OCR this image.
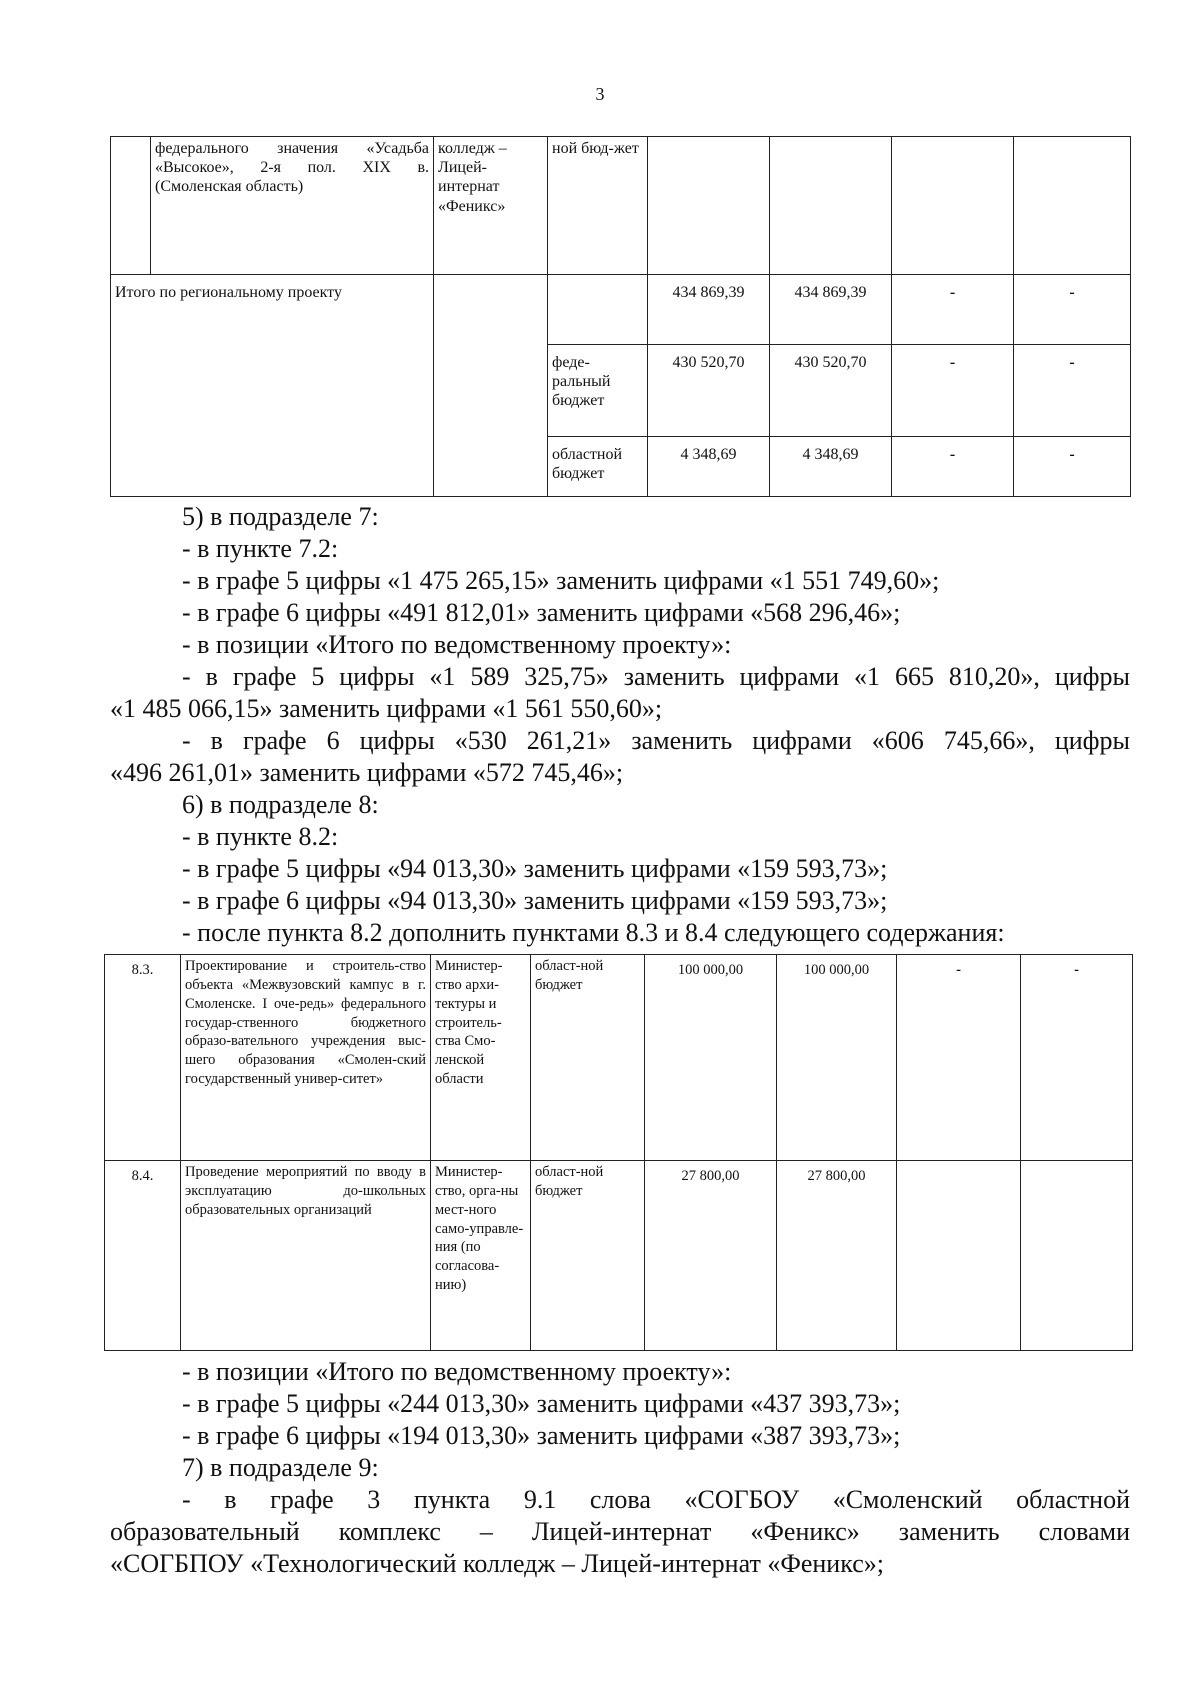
3
	федерального значения «Усадьба «Высокое», 2-я пол. XIX в. (Смоленская область)	колледж – Лицей-интернат «Феникс»	ной бюд-жет				
Итого по региональному проекту				434 869,39	434 869,39	-	-
			феде-ральный бюджет	430 520,70	430 520,70	-	-
			областной бюджет	4 348,69	4 348,69	-	-
5) в подразделе 7:
- в пункте 7.2:
- в графе 5 цифры «1 475 265,15» заменить цифрами «1 551 749,60»;
- в графе 6 цифры «491 812,01» заменить цифрами «568 296,46»;
- в позиции «Итого по ведомственному проекту»:
- в графе 5 цифры «1 589 325,75» заменить цифрами «1 665 810,20», цифры
«1 485 066,15» заменить цифрами «1 561 550,60»;
- в графе 6 цифры «530 261,21» заменить цифрами «606 745,66», цифры
«496 261,01» заменить цифрами «572 745,46»;
6) в подразделе 8:
- в пункте 8.2:
- в графе 5 цифры «94 013,30» заменить цифрами «159 593,73»;
- в графе 6 цифры «94 013,30» заменить цифрами «159 593,73»;
- после пункта 8.2 дополнить пунктами 8.3 и 8.4 следующего содержания:
8.3.	Проектирование и строитель-ство объекта «Межвузовский кампус в г. Смоленске. I оче-редь» федерального государ-ственного бюджетного образо-вательного учреждения выс-шего образования «Смолен-ский государственный универ-ситет»	Министер-ство архи-тектуры и строитель-ства Смо-ленской области	област-ной бюджет	100 000,00	100 000,00	-	-
8.4.	Проведение мероприятий по вводу в эксплуатацию до-школьных образовательных организаций	Министер-ство, орга-ны мест-ного само-управле-ния (по согласова-нию)	област-ной бюджет	27 800,00	27 800,00		
- в позиции «Итого по ведомственному проекту»:
- в графе 5 цифры «244 013,30» заменить цифрами «437 393,73»;
- в графе 6 цифры «194 013,30» заменить цифрами «387 393,73»;
7) в подразделе 9:
- в графе 3 пункта 9.1 слова «СОГБОУ «Смоленский областной
образовательный комплекс – Лицей-интернат «Феникс» заменить словами
«СОГБПОУ «Технологический колледж – Лицей-интернат «Феникс»;
